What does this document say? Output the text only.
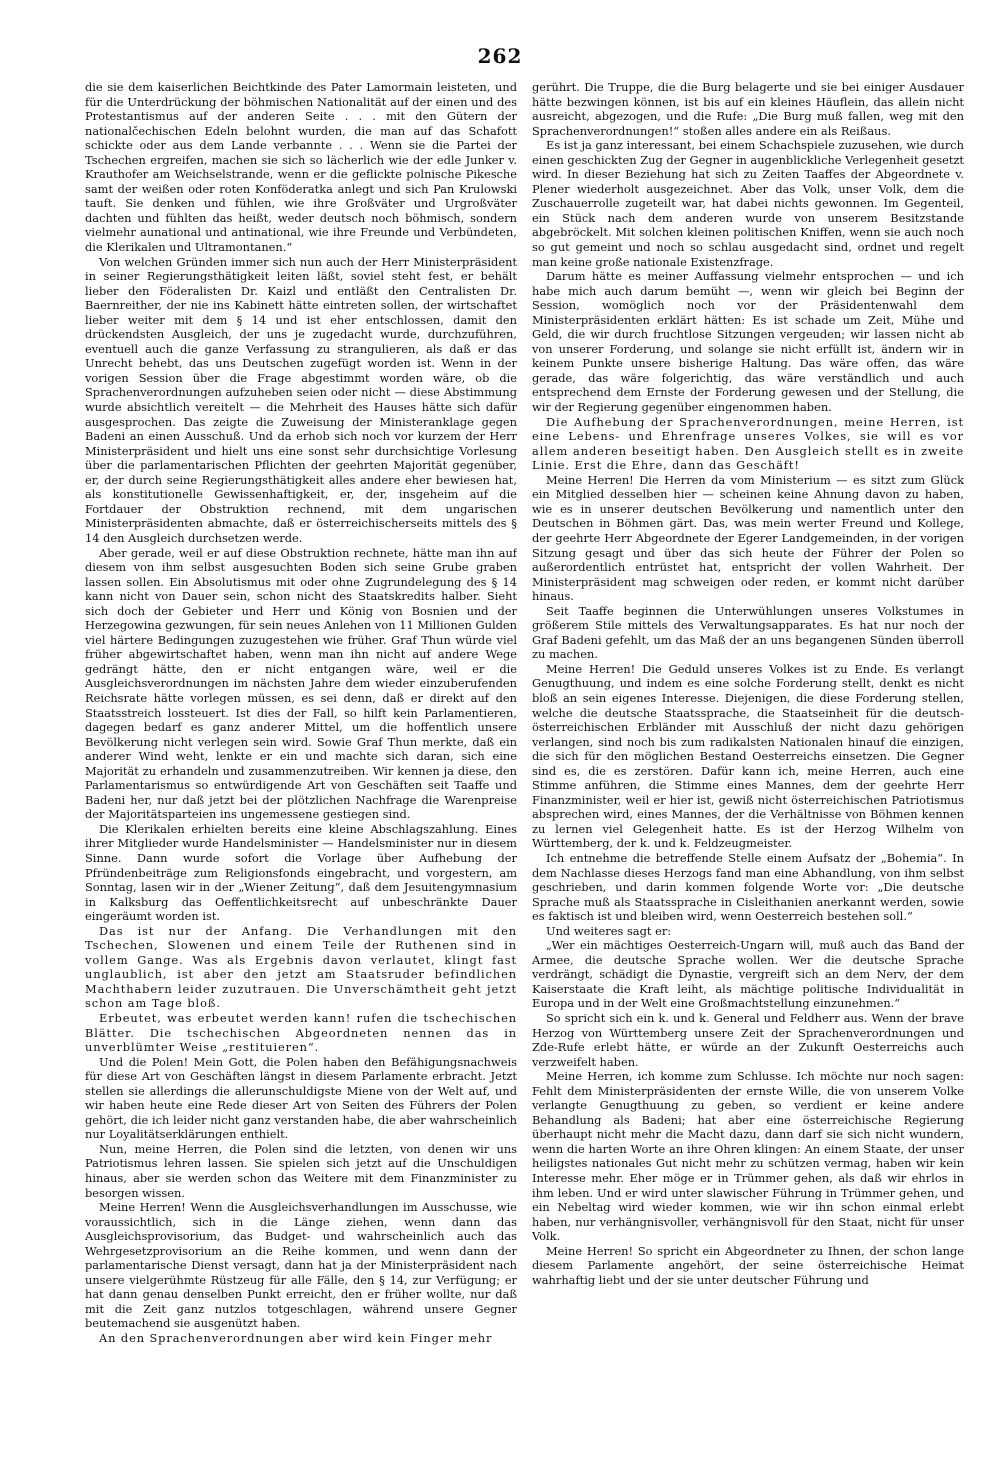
262

die sie dem kaiserlichen Beichtkinde des Pater Lamormain leisteten, und für die Unterdrückung der böhmischen Nationalität auf der einen und des Protestantismus auf der anderen Seite . . . mit den Gütern der nationalčechischen Edeln belohnt wurden, die man auf das Schafott schickte oder aus dem Lande verbannte . . . Wenn sie die Partei der Tschechen ergreifen, machen sie sich so lächerlich wie der edle Junker v. Krauthofer am Weichselstrande, wenn er die geflickte polnische Pikesche samt der weißen oder roten Konföderatka anlegt und sich Pan Krulowski tauft. Sie denken und fühlen, wie ihre Großväter und Urgroßväter dachten und fühlten das heißt, weder deutsch noch böhmisch, sondern vielmehr aunational und antinational, wie ihre Freunde und Verbündeten, die Klerikalen und Ultramontanen.“

Von welchen Gründen immer sich nun auch der Herr Ministerpräsident in seiner Regierungsthätigkeit leiten läßt, soviel steht fest, er behält lieber den Föderalisten Dr. Kaizl und entläßt den Centralisten Dr. Baernreither, der nie ins Kabinett hätte eintreten sollen, der wirtschaftet lieber weiter mit dem § 14 und ist eher entschlossen, damit den drückendsten Ausgleich, der uns je zugedacht wurde, durchzuführen, eventuell auch die ganze Verfassung zu strangulieren, als daß er das Unrecht behebt, das uns Deutschen zugefügt worden ist. Wenn in der vorigen Session über die Frage abgestimmt worden wäre, ob die Sprachenverordnungen aufzuheben seien oder nicht — diese Abstimmung wurde absichtlich vereitelt — die Mehrheit des Hauses hätte sich dafür ausgesprochen. Das zeigte die Zuweisung der Ministeranklage gegen Badeni an einen Ausschuß. Und da erhob sich noch vor kurzem der Herr Ministerpräsident und hielt uns eine sonst sehr durchsichtige Vorlesung über die parlamentarischen Pflichten der geehrten Majorität gegenüber, er, der durch seine Regierungsthätigkeit alles andere eher bewiesen hat, als konstitutionelle Gewissenhaftigkeit, er, der, insgeheim auf die Fortdauer der Obstruktion rechnend, mit dem ungarischen Ministerpräsidenten abmachte, daß er österreichischerseits mittels des § 14 den Ausgleich durchsetzen werde.

Aber gerade, weil er auf diese Obstruktion rechnete, hätte man ihn auf diesem von ihm selbst ausgesuchten Boden sich seine Grube graben lassen sollen. Ein Absolutismus mit oder ohne Zugrundelegung des § 14 kann nicht von Dauer sein, schon nicht des Staatskredits halber. Sieht sich doch der Gebieter und Herr und König von Bosnien und der Herzegowina gezwungen, für sein neues Anlehen von 11 Millionen Gulden viel härtere Bedingungen zuzugestehen wie früher. Graf Thun würde viel früher abgewirtschaftet haben, wenn man ihn nicht auf andere Wege gedrängt hätte, den er nicht entgangen wäre, weil er die Ausgleichsverordnungen im nächsten Jahre dem wieder einzuberufenden Reichsrate hätte vorlegen müssen, es sei denn, daß er direkt auf den Staatsstreich lossteuert. Ist dies der Fall, so hilft kein Parlamentieren, dagegen bedarf es ganz anderer Mittel, um die hoffentlich unsere Bevölkerung nicht verlegen sein wird. Sowie Graf Thun merkte, daß ein anderer Wind weht, lenkte er ein und machte sich daran, sich eine Majorität zu erhandeln und zusammenzutreiben. Wir kennen ja diese, den Parlamentarismus so entwürdigende Art von Geschäften seit Taaffe und Badeni her, nur daß jetzt bei der plötzlichen Nachfrage die Warenpreise der Majoritätsparteien ins ungemessene gestiegen sind.

Die Klerikalen erhielten bereits eine kleine Abschlagszahlung. Eines ihrer Mitglieder wurde Handelsminister — Handelsminister nur in diesem Sinne. Dann wurde sofort die Vorlage über Aufhebung der Pfründenbeiträge zum Religionsfonds eingebracht, und vorgestern, am Sonntag, lasen wir in der „Wiener Zeitung“, daß dem Jesuitengymnasium in Kalksburg das Oeffentlichkeitsrecht auf unbeschränkte Dauer eingeräumt worden ist.

Das ist nur der Anfang. Die Verhandlungen mit den Tschechen, Slowenen und einem Teile der Ruthenen sind in vollem Gange. Was als Ergebnis davon verlautet, klingt fast unglaublich, ist aber den jetzt am Staatsruder befindlichen Machthabern leider zuzutrauen. Die Unverschämtheit geht jetzt schon am Tage bloß.

Erbeutet, was erbeutet werden kann! rufen die tschechischen Blätter. Die tschechischen Abgeordneten nennen das in unverblümter Weise „restituieren“.

Und die Polen! Mein Gott, die Polen haben den Befähigungsnachweis für diese Art von Geschäften längst in diesem Parlamente erbracht. Jetzt stellen sie allerdings die allerunschuldigste Miene von der Welt auf, und wir haben heute eine Rede dieser Art von Seiten des Führers der Polen gehört, die ich leider nicht ganz verstanden habe, die aber wahrscheinlich nur Loyalitätserklärungen enthielt.

Nun, meine Herren, die Polen sind die letzten, von denen wir uns Patriotismus lehren lassen. Sie spielen sich jetzt auf die Unschuldigen hinaus, aber sie werden schon das Weitere mit dem Finanzminister zu besorgen wissen.

Meine Herren! Wenn die Ausgleichsverhandlungen im Ausschusse, wie voraussichtlich, sich in die Länge ziehen, wenn dann das Ausgleichsprovisorium, das Budget- und wahrscheinlich auch das Wehrgesetzprovisorium an die Reihe kommen, und wenn dann der parlamentarische Dienst versagt, dann hat ja der Ministerpräsident nach unsere vielgerühmte Rüstzeug für alle Fälle, den § 14, zur Verfügung; er hat dann genau denselben Punkt erreicht, den er früher wollte, nur daß mit die Zeit ganz nutzlos totgeschlagen, während unsere Gegner beutemachend sie ausgenützt haben.

An den Sprachenverordnungen aber wird kein Finger mehr

gerührt. Die Truppe, die die Burg belagerte und sie bei einiger Ausdauer hätte bezwingen können, ist bis auf ein kleines Häuflein, das allein nicht ausreicht, abgezogen, und die Rufe: „Die Burg muß fallen, weg mit den Sprachenverordnungen!“ stoßen alles andere ein als Reißaus.

Es ist ja ganz interessant, bei einem Schachspiele zuzusehen, wie durch einen geschickten Zug der Gegner in augenblickliche Verlegenheit gesetzt wird. In dieser Beziehung hat sich zu Zeiten Taaffes der Abgeordnete v. Plener wiederholt ausgezeichnet. Aber das Volk, unser Volk, dem die Zuschauerrolle zugeteilt war, hat dabei nichts gewonnen. Im Gegenteil, ein Stück nach dem anderen wurde von unserem Besitzstande abgebröckelt. Mit solchen kleinen politischen Kniffen, wenn sie auch noch so gut gemeint und noch so schlau ausgedacht sind, ordnet und regelt man keine große nationale Existenzfrage.

Darum hätte es meiner Auffassung vielmehr entsprochen — und ich habe mich auch darum bemüht —, wenn wir gleich bei Beginn der Session, womöglich noch vor der Präsidentenwahl dem Ministerpräsidenten erklärt hätten: Es ist schade um Zeit, Mühe und Geld, die wir durch fruchtlose Sitzungen vergeuden; wir lassen nicht ab von unserer Forderung, und solange sie nicht erfüllt ist, ändern wir in keinem Punkte unsere bisherige Haltung. Das wäre offen, das wäre gerade, das wäre folgerichtig, das wäre verständlich und auch entsprechend dem Ernste der Forderung gewesen und der Stellung, die wir der Regierung gegenüber eingenommen haben.

Die Aufhebung der Sprachenverordnungen, meine Herren, ist eine Lebens- und Ehrenfrage unseres Volkes, sie will es vor allem anderen beseitigt haben. Den Ausgleich stellt es in zweite Linie. Erst die Ehre, dann das Geschäft!

Meine Herren! Die Herren da vom Ministerium — es sitzt zum Glück ein Mitglied desselben hier — scheinen keine Ahnung davon zu haben, wie es in unserer deutschen Bevölkerung und namentlich unter den Deutschen in Böhmen gärt. Das, was mein werter Freund und Kollege, der geehrte Herr Abgeordnete der Egerer Landgemeinden, in der vorigen Sitzung gesagt und über das sich heute der Führer der Polen so außerordentlich entrüstet hat, entspricht der vollen Wahrheit. Der Ministerpräsident mag schweigen oder reden, er kommt nicht darüber hinaus.

Seit Taaffe beginnen die Unterwühlungen unseres Volkstumes in größerem Stile mittels des Verwaltungsapparates. Es hat nur noch der Graf Badeni gefehlt, um das Maß der an uns begangenen Sünden überroll zu machen.

Meine Herren! Die Geduld unseres Volkes ist zu Ende. Es verlangt Genugthuung, und indem es eine solche Forderung stellt, denkt es nicht bloß an sein eigenes Interesse. Diejenigen, die diese Forderung stellen, welche die deutsche Staatssprache, die Staatseinheit für die deutsch-österreichischen Erbländer mit Ausschluß der nicht dazu gehörigen verlangen, sind noch bis zum radikalsten Nationalen hinauf die einzigen, die sich für den möglichen Bestand Oesterreichs einsetzen. Die Gegner sind es, die es zerstören. Dafür kann ich, meine Herren, auch eine Stimme anführen, die Stimme eines Mannes, dem der geehrte Herr Finanzminister, weil er hier ist, gewiß nicht österreichischen Patriotismus absprechen wird, eines Mannes, der die Verhältnisse von Böhmen kennen zu lernen viel Gelegenheit hatte. Es ist der Herzog Wilhelm von Württemberg, der k. und k. Feldzeugmeister.

Ich entnehme die betreffende Stelle einem Aufsatz der „Bohemia“. In dem Nachlasse dieses Herzogs fand man eine Abhandlung, von ihm selbst geschrieben, und darin kommen folgende Worte vor: „Die deutsche Sprache muß als Staatssprache in Cisleithanien anerkannt werden, sowie es faktisch ist und bleiben wird, wenn Oesterreich bestehen soll.“

Und weiteres sagt er:

„Wer ein mächtiges Oesterreich-Ungarn will, muß auch das Band der Armee, die deutsche Sprache wollen. Wer die deutsche Sprache verdrängt, schädigt die Dynastie, vergreift sich an dem Nerv, der dem Kaiserstaate die Kraft leiht, als mächtige politische Individualität in Europa und in der Welt eine Großmachtstellung einzunehmen.“

So spricht sich ein k. und k. General und Feldherr aus. Wenn der brave Herzog von Württemberg unsere Zeit der Sprachenverordnungen und Zde-Rufe erlebt hätte, er würde an der Zukunft Oesterreichs auch verzweifelt haben.

Meine Herren, ich komme zum Schlusse. Ich möchte nur noch sagen: Fehlt dem Ministerpräsidenten der ernste Wille, die von unserem Volke verlangte Genugthuung zu geben, so verdient er keine andere Behandlung als Badeni; hat aber eine österreichische Regierung überhaupt nicht mehr die Macht dazu, dann darf sie sich nicht wundern, wenn die harten Worte an ihre Ohren klingen: An einem Staate, der unser heiligstes nationales Gut nicht mehr zu schützen vermag, haben wir kein Interesse mehr. Eher möge er in Trümmer gehen, als daß wir ehrlos in ihm leben. Und er wird unter slawischer Führung in Trümmer gehen, und ein Nebeltag wird wieder kommen, wie wir ihn schon einmal erlebt haben, nur verhängnisvoller, verhängnisvoll für den Staat, nicht für unser Volk.

Meine Herren! So spricht ein Abgeordneter zu Ihnen, der schon lange diesem Parlamente angehört, der seine österreichische Heimat wahrhaftig liebt und der sie unter deutscher Führung und
